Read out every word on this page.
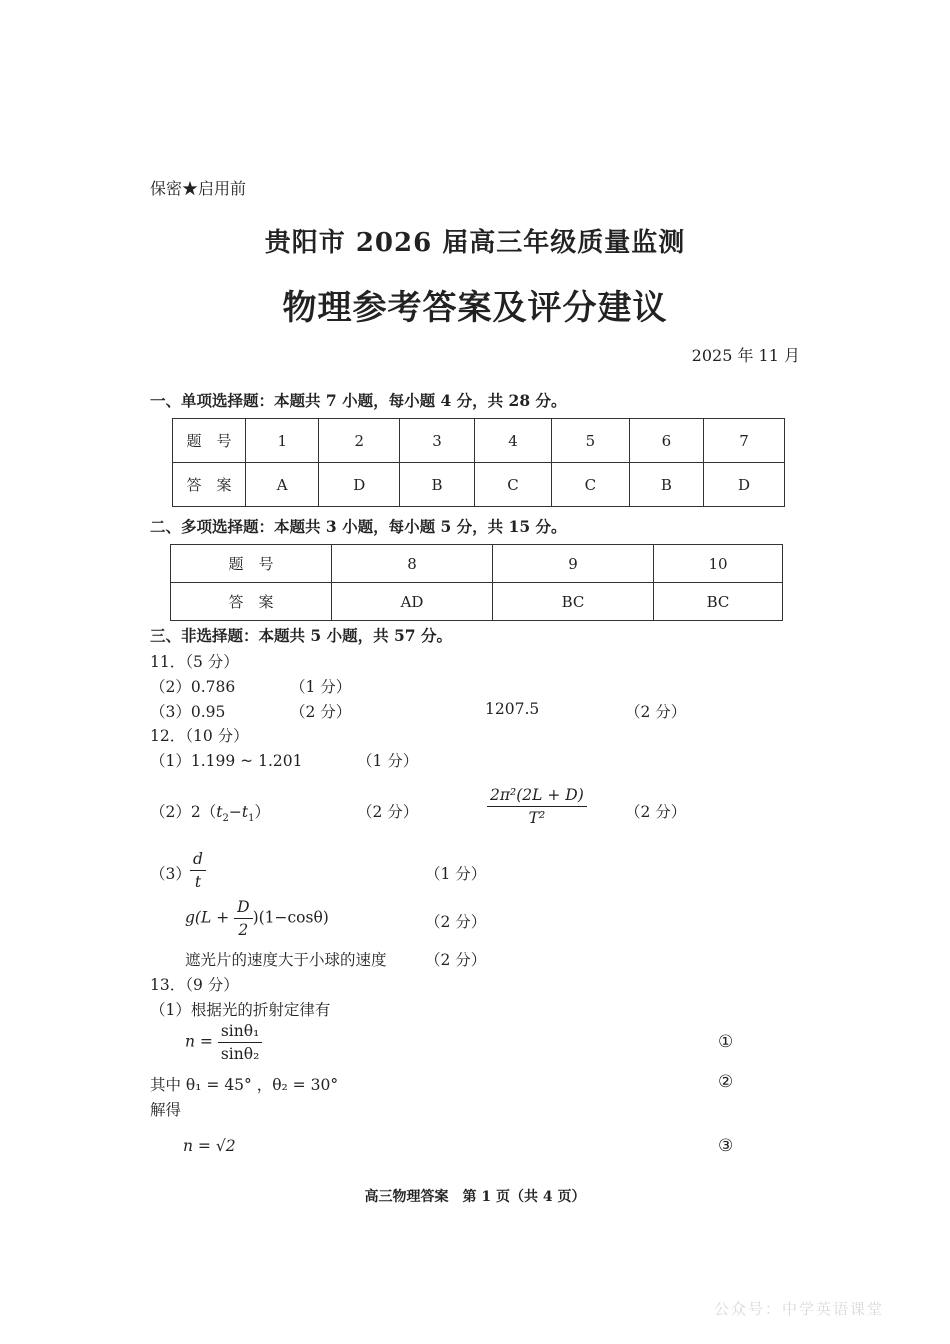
保密★启用前
贵阳市 2026 届高三年级质量监测
物理参考答案及评分建议
2025 年 11 月
一、单项选择题：本题共 7 小题，每小题 4 分，共 28 分。
题　号	1	2	3	4	5	6	7
答　案	A	D	B	C	C	B	D
二、多项选择题：本题共 3 小题，每小题 5 分，共 15 分。
题　号	8	9	10
答　案	AD	BC	BC
三、非选择题：本题共 5 小题，共 57 分。
11．（5 分）
（2）0.786	（1 分）
（3）0.95	（2 分）	1207.5	（2 分）
12．（10 分）
（1）1.199 ~ 1.201	（1 分）
$(2)2(t_2-t_1)$	（2 分）	$\frac{\text{2π²(2L + D)}}{\text{T²}} (2$ 分）
$(3) \frac{d}{t}$	（1 分）
$g(L + \frac{D}{2} )(1-\cos\theta)$	（2 分）
遮光片的速度大于小球的速度 （2 分）
13．（9 分）
（1）根据光的折射定律有
$n = \frac{\text{sinθ₁}}{\text{sinθ₂}}$	①
其中 θ₁ = 45° ，θ₂ = 30°	②
解得
n = √2	③
高三物理答案　第 1 页（共 4 页）
公众号：中学英语课堂
